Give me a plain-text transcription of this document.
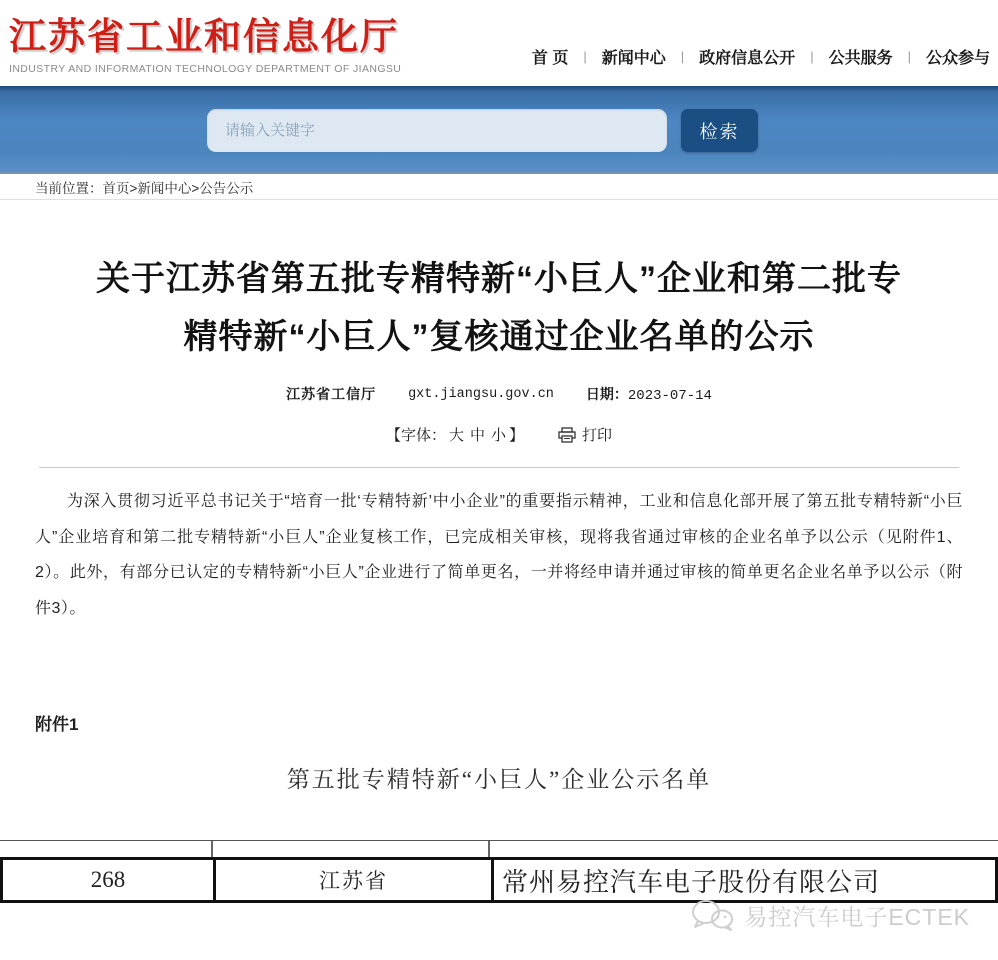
江苏省工业和信息化厅
INDUSTRY AND INFORMATION TECHNOLOGY DEPARTMENT OF JIANGSU
首 页 | 新闻中心 | 政府信息公开 | 公共服务 | 公众参与
请输入关键字
检索
当前位置： 首页>新闻中心>公告公示
关于江苏省第五批专精特新“小巨人”企业和第二批专
精特新“小巨人”复核通过企业名单的公示
江苏省工信厅 gxt.jiangsu.gov.cn 日期：2023-07-14
【字体： 大 中 小 】	打印

为深入贯彻习近平总书记关于“培育一批‘专精特新’中小企业”的重要指示精神，工业和信息化部开展了第五批专精特新“小巨人”企业培育和第二批专精特新“小巨人”企业复核工作，已完成相关审核，现将我省通过审核的企业名单予以公示（见附件1、2）。此外，有部分已认定的专精特新“小巨人”企业进行了简单更名，一并将经申请并通过审核的简单更名企业名单予以公示（附件3）。

附件1
第五批专精特新“小巨人”企业公示名单
268	江苏省	常州易控汽车电子股份有限公司
易控汽车电子ECTEK
